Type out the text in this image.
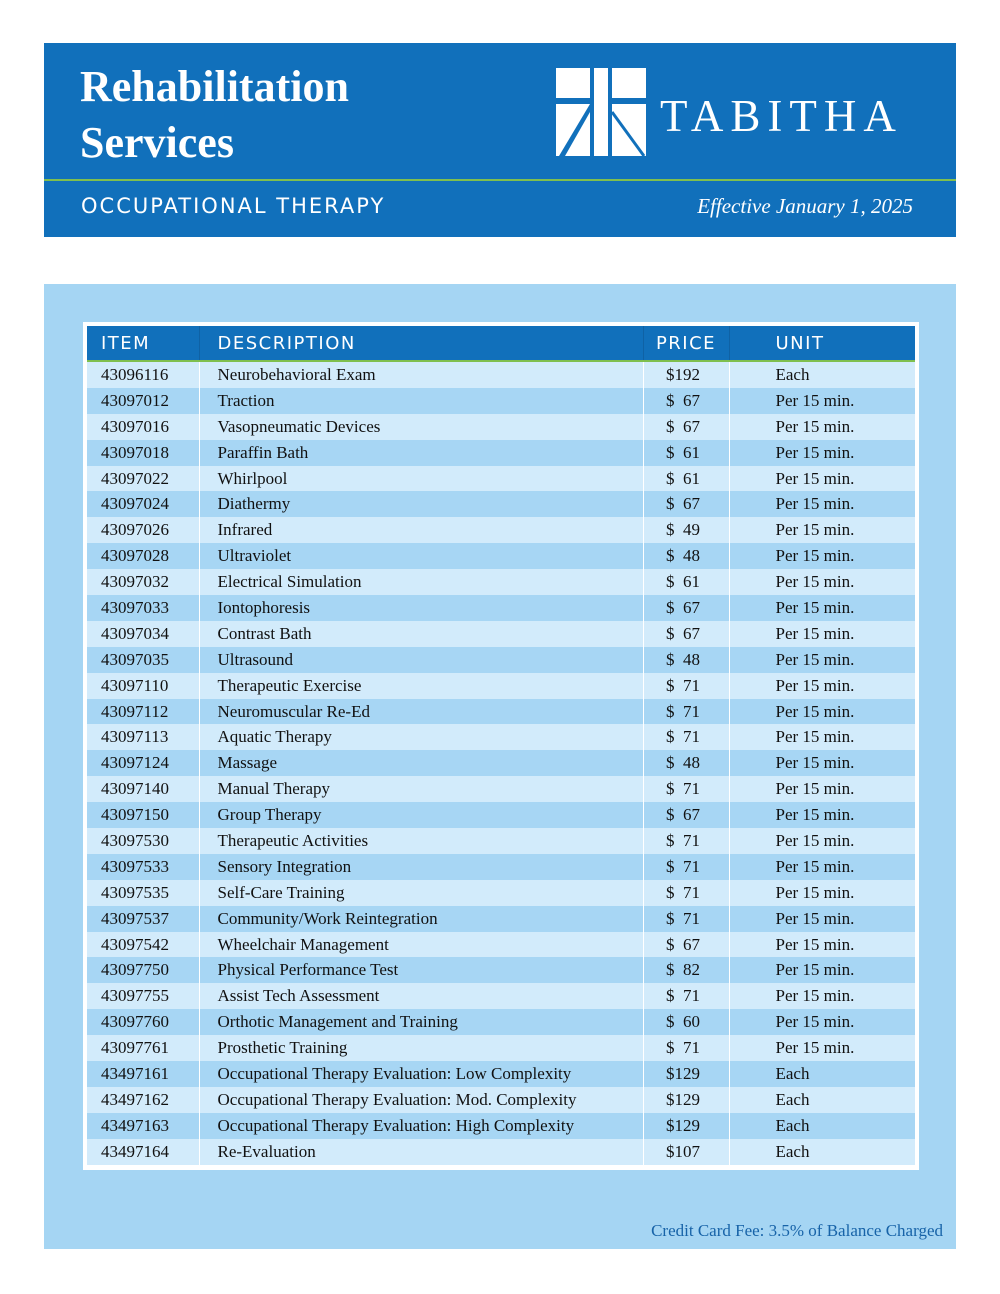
Rehabilitation
Services
TABITHA
OCCUPATIONAL THERAPY	Effective January 1, 2025
ITEM	DESCRIPTION	PRICE	UNIT
43096116	Neurobehavioral Exam	$192	Each
43097012	Traction	$  67	Per 15 min.
43097016	Vasopneumatic Devices	$  67	Per 15 min.
43097018	Paraffin Bath	$  61	Per 15 min.
43097022	Whirlpool	$  61	Per 15 min.
43097024	Diathermy	$  67	Per 15 min.
43097026	Infrared	$  49	Per 15 min.
43097028	Ultraviolet	$  48	Per 15 min.
43097032	Electrical Simulation	$  61	Per 15 min.
43097033	Iontophoresis	$  67	Per 15 min.
43097034	Contrast Bath	$  67	Per 15 min.
43097035	Ultrasound	$  48	Per 15 min.
43097110	Therapeutic Exercise	$  71	Per 15 min.
43097112	Neuromuscular Re-Ed	$  71	Per 15 min.
43097113	Aquatic Therapy	$  71	Per 15 min.
43097124	Massage	$  48	Per 15 min.
43097140	Manual Therapy	$  71	Per 15 min.
43097150	Group Therapy	$  67	Per 15 min.
43097530	Therapeutic Activities	$  71	Per 15 min.
43097533	Sensory Integration	$  71	Per 15 min.
43097535	Self-Care Training	$  71	Per 15 min.
43097537	Community/Work Reintegration	$  71	Per 15 min.
43097542	Wheelchair Management	$  67	Per 15 min.
43097750	Physical Performance Test	$  82	Per 15 min.
43097755	Assist Tech Assessment	$  71	Per 15 min.
43097760	Orthotic Management and Training	$  60	Per 15 min.
43097761	Prosthetic Training	$  71	Per 15 min.
43497161	Occupational Therapy Evaluation: Low Complexity	$129	Each
43497162	Occupational Therapy Evaluation: Mod. Complexity	$129	Each
43497163	Occupational Therapy Evaluation: High Complexity	$129	Each
43497164	Re-Evaluation	$107	Each
Credit Card Fee: 3.5% of Balance Charged
